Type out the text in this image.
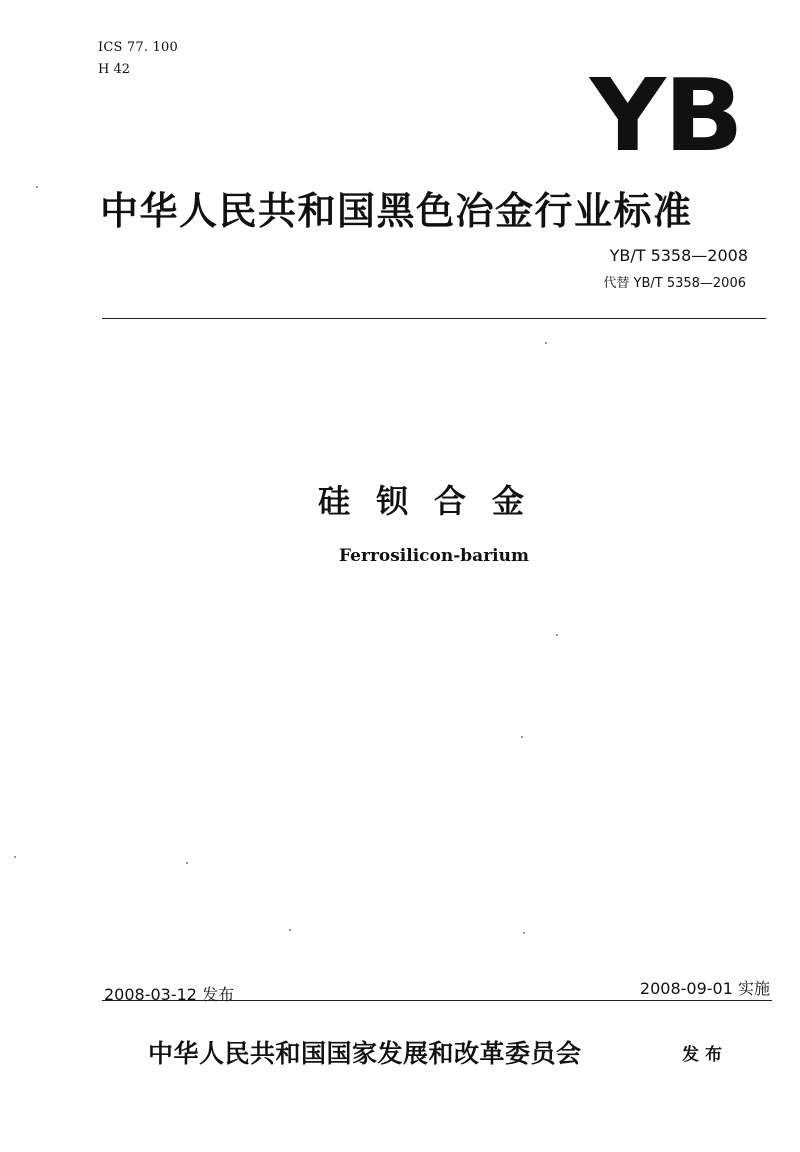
ICS 77. 100
H 42	YB
中华人民共和国黑色冶金行业标准
YB/T 5358—2008
代替 YB/T 5358—2006
硅钡合金
Ferrosilicon-barium
2008-03-12 发布	2008-09-01 实施
中华人民共和国国家发展和改革委员会	发布
